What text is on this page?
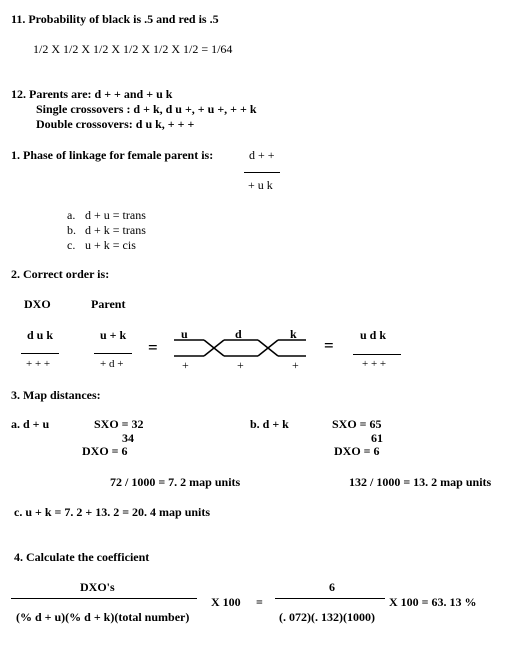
11. Probability of black is .5 and red is .5
1/2 X 1/2 X 1/2 X 1/2 X 1/2 X 1/2 = 1/64
12. Parents are: d + + and + u k
Single crossovers : d + k, d u +, + u +, + + k
Double crossovers: d u k, + + +
1. Phase of linkage for female parent is:	d + +
+ u k
a. d + u = trans
b. d + k = trans
c. u + k = cis
2. Correct order is:
DXO	Parent
d u k
+ + +
u + k
+ d +
=
u	d	k
+	+	+
=
u d k
+ + +
3. Map distances:
a. d + u	SXO = 32
34
DXO = 6
72 / 1000 = 7. 2 map units
b. d + k	SXO = 65
61
DXO = 6
132 / 1000 = 13. 2 map units
c. u + k = 7. 2 + 13. 2 = 20. 4 map units
4. Calculate the coefficient
DXO's
(% d + u)(% d + k)(total number)
X 100 =
6
(. 072)(. 132)(1000)
X 100 = 63. 13 %
